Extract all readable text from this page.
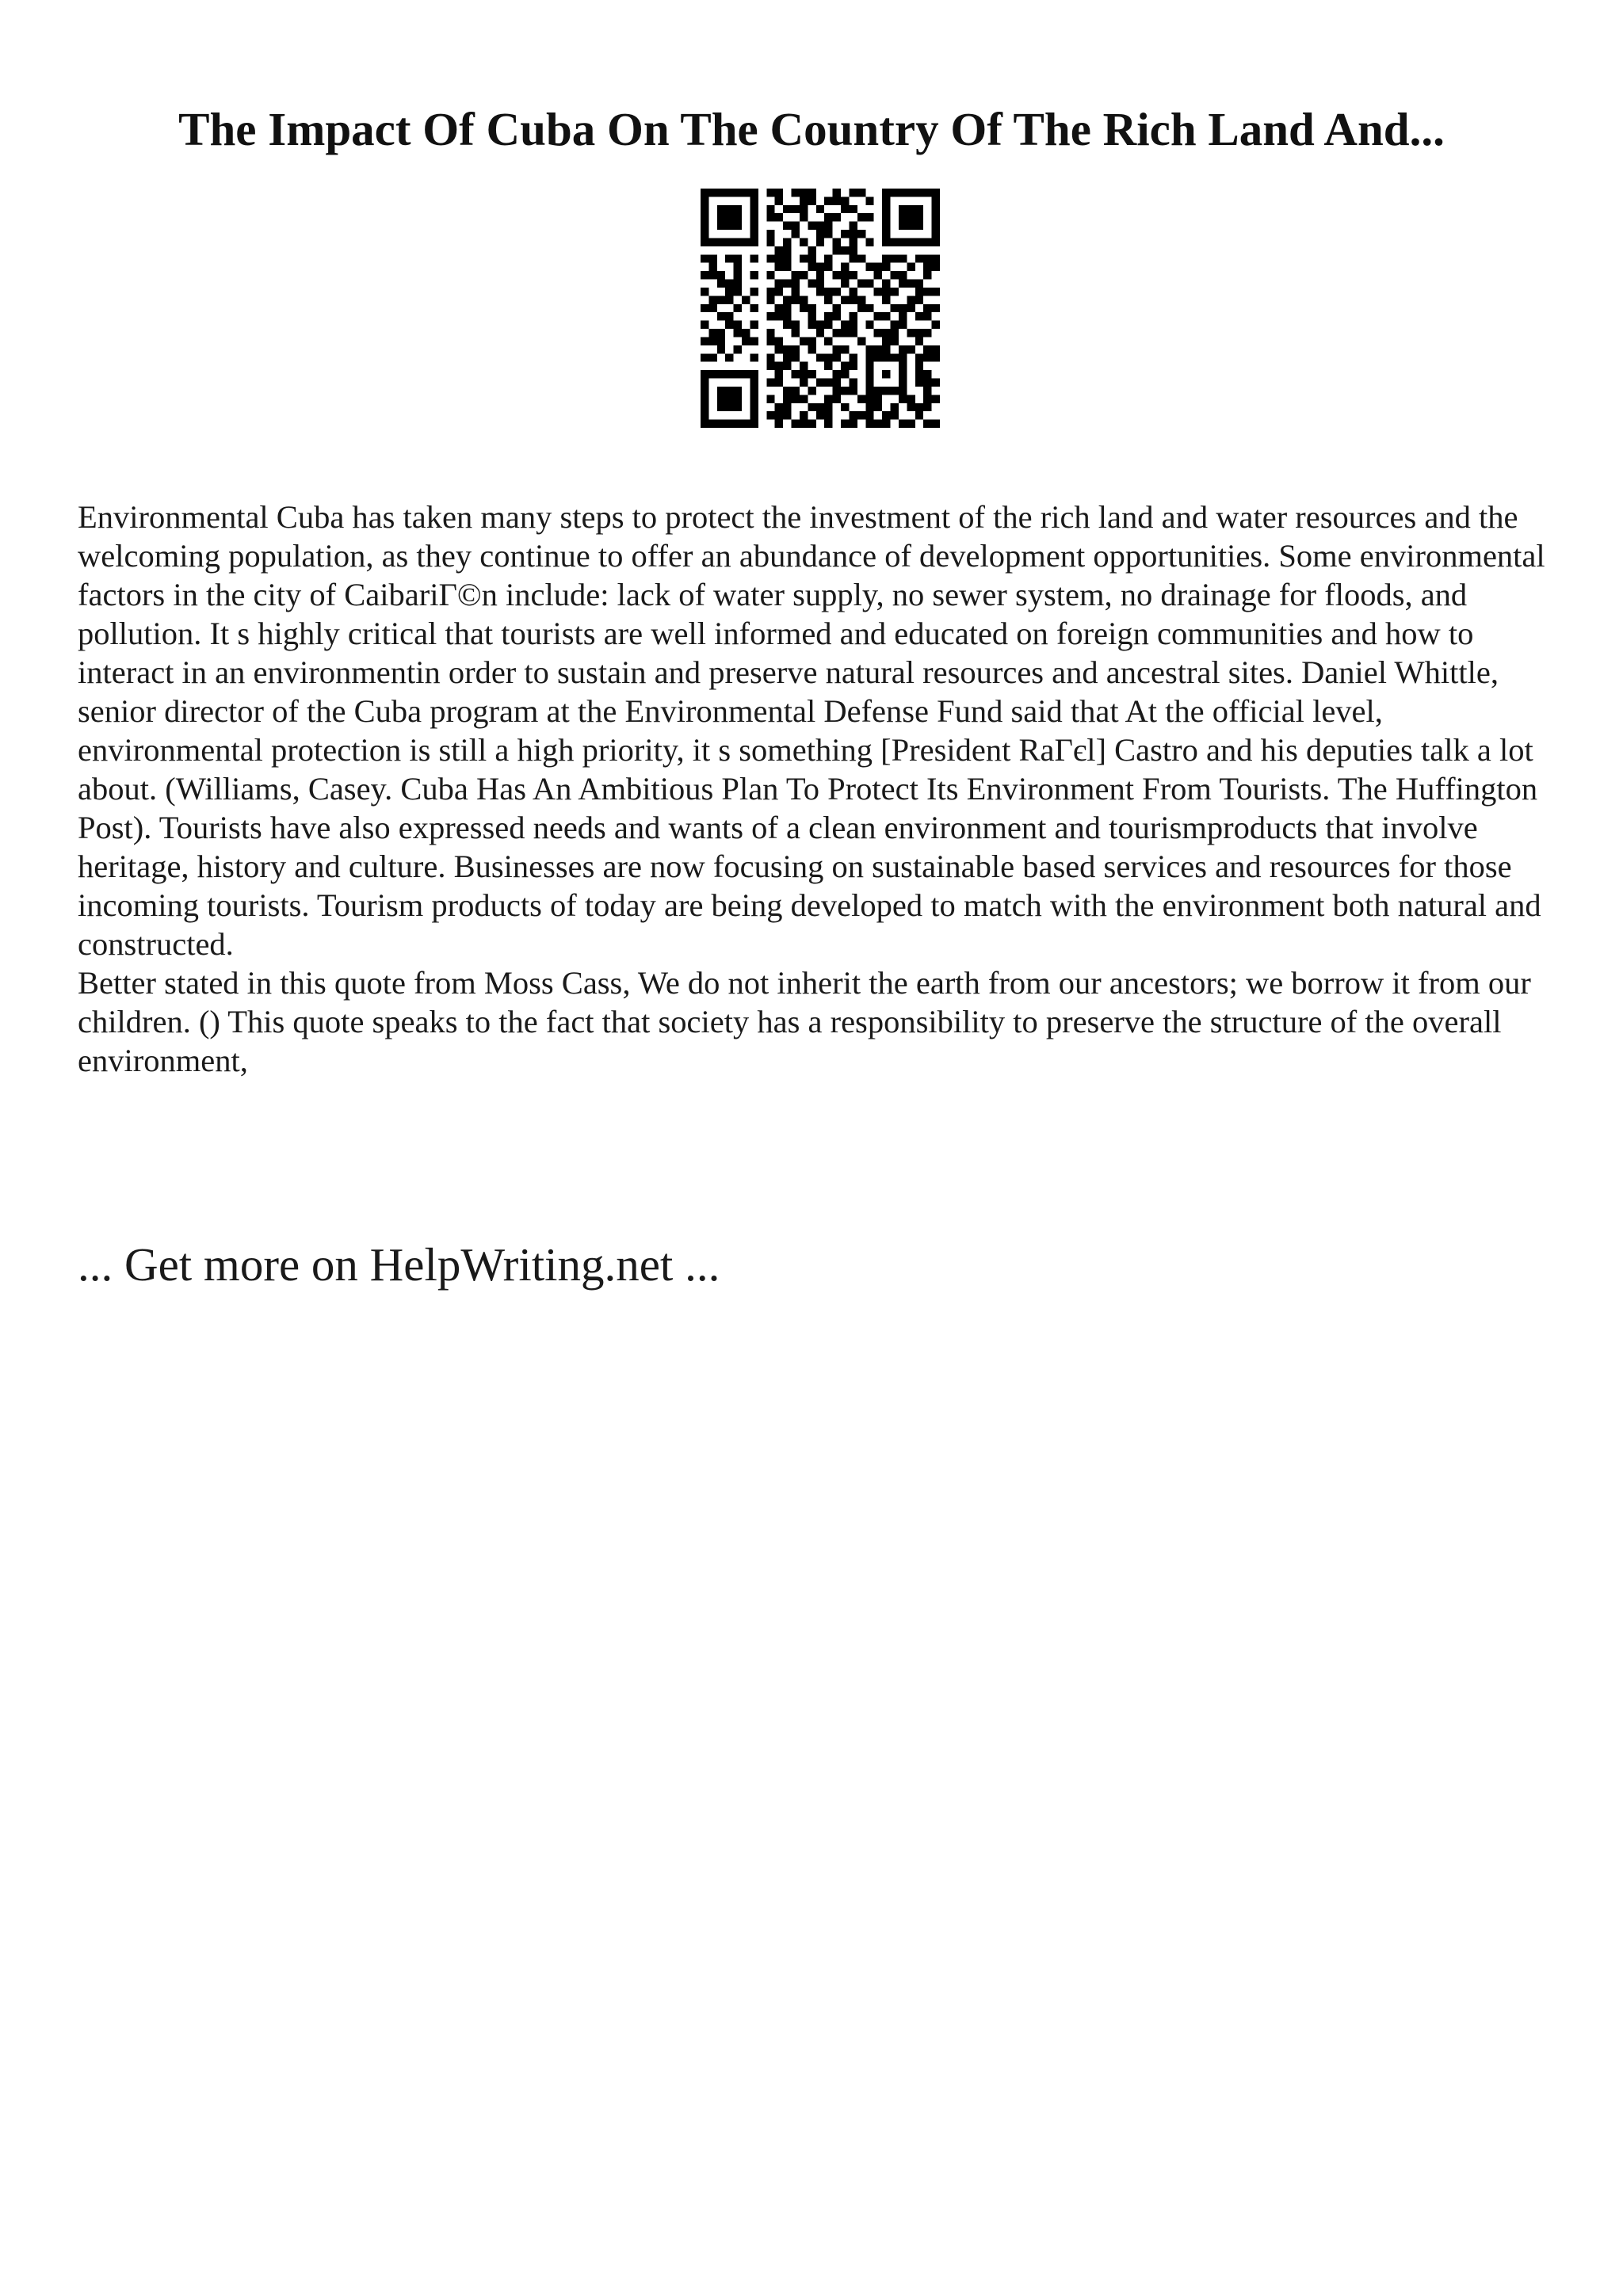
The Impact Of Cuba On The Country Of The Rich Land And...

Environmental Cuba has taken many steps to protect the investment of the rich land and water resources and the welcoming population, as they continue to offer an abundance of development opportunities. Some environmental factors in the city of CaibariГ©n include: lack of water supply, no sewer system, no drainage for floods, and pollution. It s highly critical that tourists are well informed and educated on foreign communities and how to interact in an environmentin order to sustain and preserve natural resources and ancestral sites. Daniel Whittle, senior director of the Cuba program at the Environmental Defense Fund said that At the official level, environmental protection is still a high priority, it s something [President RaГєl] Castro and his deputies talk a lot about. (Williams, Casey. Cuba Has An Ambitious Plan To Protect Its Environment From Tourists. The Huffington Post). Tourists have also expressed needs and wants of a clean environment and tourismproducts that involve heritage, history and culture. Businesses are now focusing on sustainable based services and resources for those incoming tourists. Tourism products of today are being developed to match with the environment both natural and constructed.

Better stated in this quote from Moss Cass, We do not inherit the earth from our ancestors; we borrow it from our children. () This quote speaks to the fact that society has a responsibility to preserve the structure of the overall environment,

... Get more on HelpWriting.net ...
